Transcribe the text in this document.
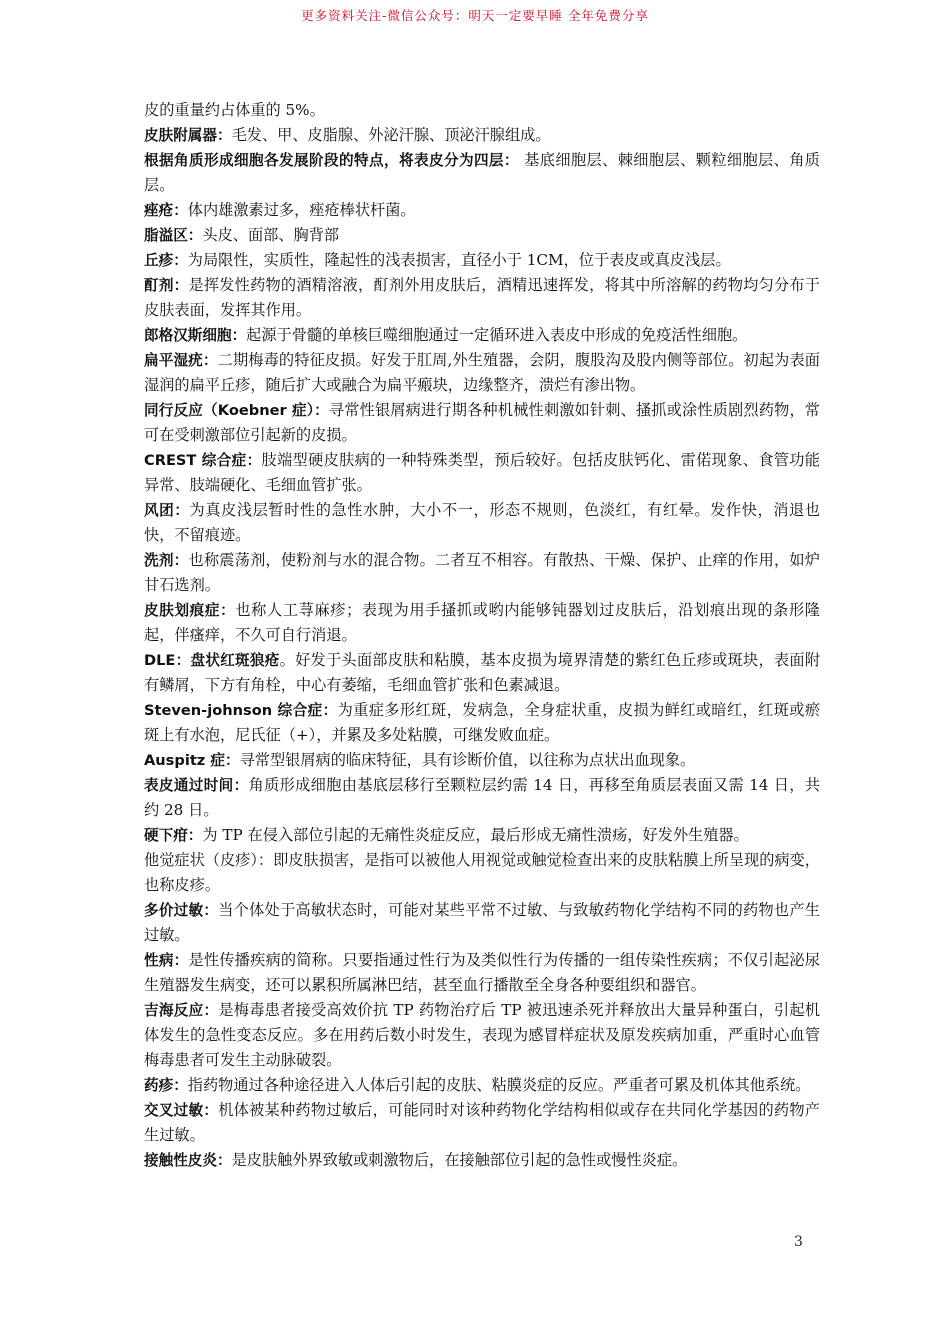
更多资料关注-微信公众号：明天一定要早睡 全年免费分享

皮的重量约占体重的 5%。

皮肤附属器：毛发、甲、皮脂腺、外泌汗腺、顶泌汗腺组成。

根据角质形成细胞各发展阶段的特点，将表皮分为四层： 基底细胞层、棘细胞层、颗粒细胞层、角质层。

痤疮：体内雄激素过多，痤疮棒状杆菌。

脂溢区：头皮、面部、胸背部

丘疹：为局限性，实质性，隆起性的浅表损害，直径小于 1CM，位于表皮或真皮浅层。

酊剂：是挥发性药物的酒精溶液，酊剂外用皮肤后，酒精迅速挥发，将其中所溶解的药物均匀分布于皮肤表面，发挥其作用。

郎格汉斯细胞：起源于骨髓的单核巨噬细胞通过一定循环进入表皮中形成的免疫活性细胞。

扁平湿疣：二期梅毒的特征皮损。好发于肛周,外生殖器，会阴，腹股沟及股内侧等部位。初起为表面湿润的扁平丘疹，随后扩大或融合为扁平瘢块，边缘整齐，溃烂有渗出物。

同行反应（Koebner 症）：寻常性银屑病进行期各种机械性刺激如针刺、搔抓或涂性质剧烈药物，常可在受刺激部位引起新的皮损。

CREST 综合症：肢端型硬皮肤病的一种特殊类型，预后较好。包括皮肤钙化、雷偌现象、食管功能异常、肢端硬化、毛细血管扩张。

风团：为真皮浅层暂时性的急性水肿，大小不一，形态不规则，色淡红，有红晕。发作快，消退也快，不留痕迹。

洗剂：也称震荡剂，使粉剂与水的混合物。二者互不相容。有散热、干燥、保护、止痒的作用，如炉甘石选剂。

皮肤划痕症：也称人工荨麻疹；表现为用手搔抓或哟内能够钝器划过皮肤后，沿划痕出现的条形隆起，伴瘙痒，不久可自行消退。

DLE：盘状红斑狼疮。好发于头面部皮肤和粘膜，基本皮损为境界清楚的紫红色丘疹或斑块，表面附有鳞屑，下方有角栓，中心有萎缩，毛细血管扩张和色素减退。

Steven-johnson 综合症：为重症多形红斑，发病急，全身症状重，皮损为鲜红或暗红，红斑或瘀斑上有水泡，尼氏征（+），并累及多处粘膜，可继发败血症。

Auspitz 症：寻常型银屑病的临床特征，具有诊断价值，以往称为点状出血现象。

表皮通过时间：角质形成细胞由基底层移行至颗粒层约需 14 日，再移至角质层表面又需 14 日，共约 28 日。

硬下疳：为 TP 在侵入部位引起的无痛性炎症反应，最后形成无痛性溃疡，好发外生殖器。

他觉症状（皮疹）：即皮肤损害，是指可以被他人用视觉或触觉检查出来的皮肤粘膜上所呈现的病变，也称皮疹。

多价过敏：当个体处于高敏状态时，可能对某些平常不过敏、与致敏药物化学结构不同的药物也产生过敏。

性病：是性传播疾病的简称。只要指通过性行为及类似性行为传播的一组传染性疾病；不仅引起泌尿生殖器发生病变，还可以累积所属淋巴结，甚至血行播散至全身各种要组织和器官。

吉海反应：是梅毒患者接受高效价抗 TP 药物治疗后 TP 被迅速杀死并释放出大量异种蛋白，引起机体发生的急性变态反应。多在用药后数小时发生，表现为感冒样症状及原发疾病加重，严重时心血管梅毒患者可发生主动脉破裂。

药疹：指药物通过各种途径进入人体后引起的皮肤、粘膜炎症的反应。严重者可累及机体其他系统。

交叉过敏：机体被某种药物过敏后，可能同时对该种药物化学结构相似或存在共同化学基因的药物产生过敏。

接触性皮炎：是皮肤触外界致敏或刺激物后，在接触部位引起的急性或慢性炎症。

3
